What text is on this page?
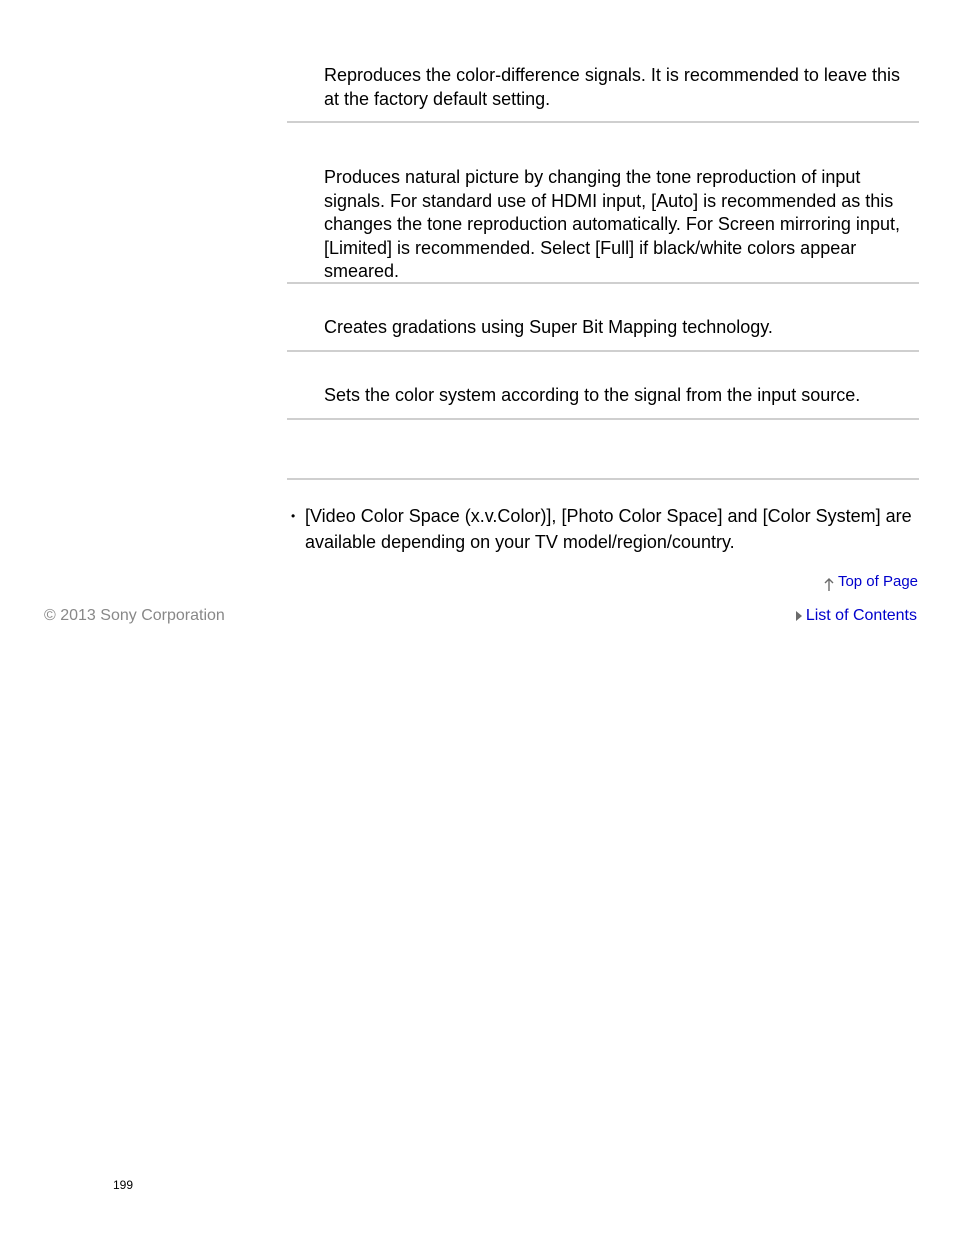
Reproduces the color-difference signals. It is recommended to leave this at the factory default setting.

Produces natural picture by changing the tone reproduction of input signals. For standard use of HDMI input, [Auto] is recommended as this changes the tone reproduction automatically. For Screen mirroring input, [Limited] is recommended. Select [Full] if black/white colors appear smeared.

Creates gradations using Super Bit Mapping technology.

Sets the color system according to the signal from the input source.

• [Video Color Space (x.v.Color)], [Photo Color Space] and [Color System] are available depending on your TV model/region/country.

Top of Page
© 2013 Sony Corporation	List of Contents
199
